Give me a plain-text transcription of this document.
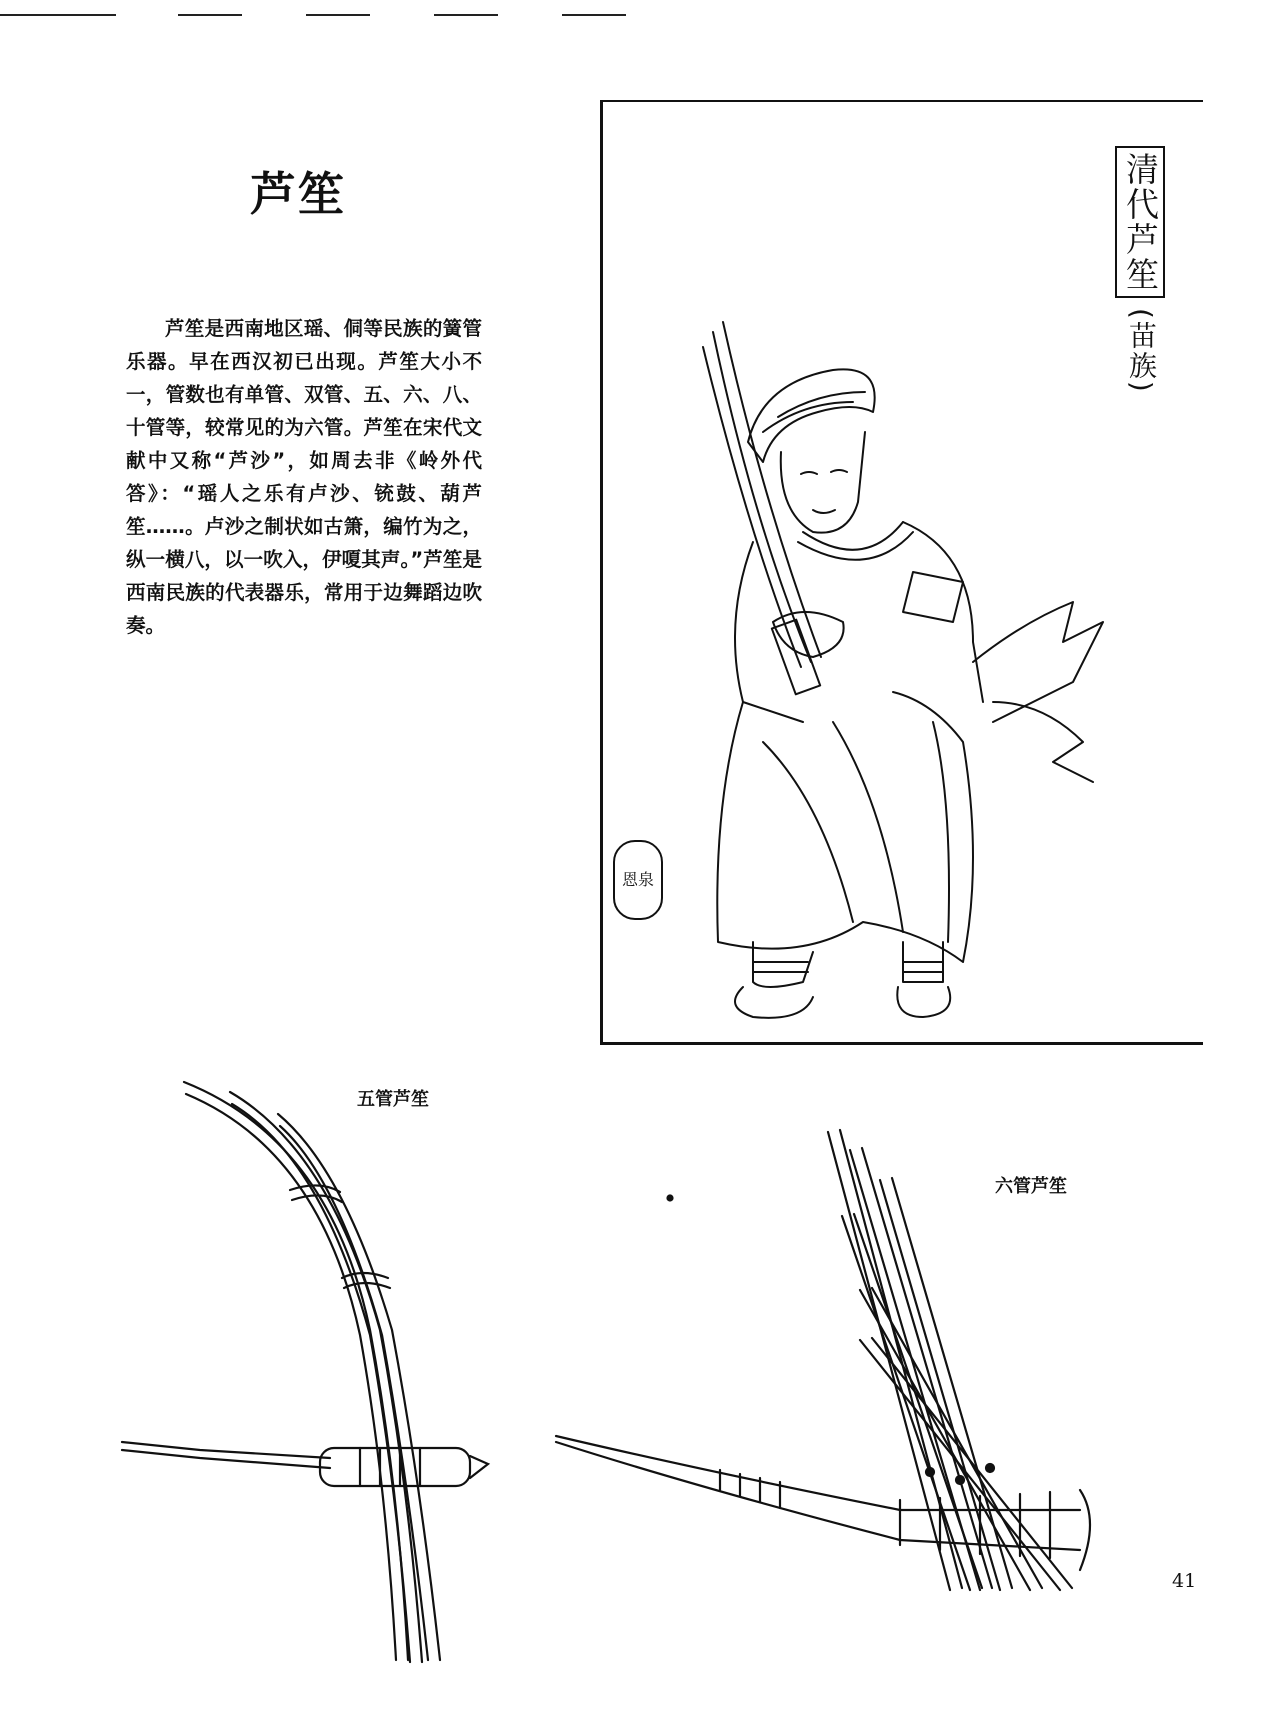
芦笙
芦笙是西南地区瑶、侗等民族的簧管乐器。早在西汉初已出现。芦笙大小不一，管数也有单管、双管、五、六、八、十管等，较常见的为六管。芦笙在宋代文献中又称“芦沙”，如周去非《岭外代答》：“瑶人之乐有卢沙、铳鼓、葫芦笙……。卢沙之制状如古箫，编竹为之，纵一横八，以一吹入，伊嗄其声。”芦笙是西南民族的代表器乐，常用于边舞蹈边吹奏。
清代芦笙
(苗族)
恩泉
五管芦笙
六管芦笙
41
